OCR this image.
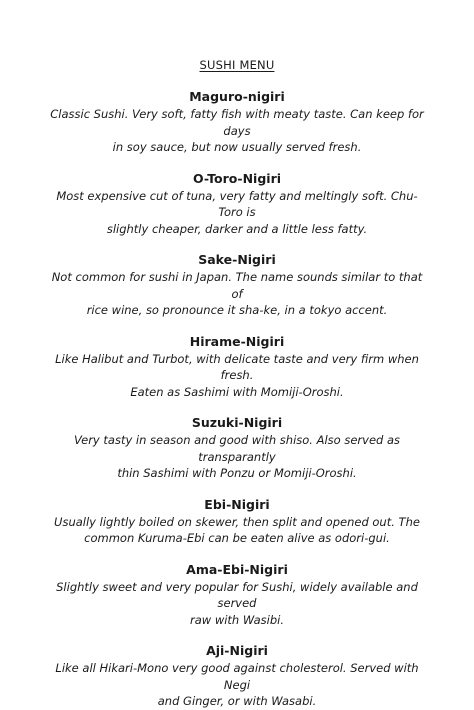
SUSHI MENU
Maguro-nigiri

Classic Sushi. Very soft, fatty fish with meaty taste. Can keep for days
in soy sauce, but now usually served fresh.

O-Toro-Nigiri

Most expensive cut of tuna, very fatty and meltingly soft. Chu-Toro is
slightly cheaper, darker and a little less fatty.

Sake-Nigiri

Not common for sushi in Japan. The name sounds similar to that of
rice wine, so pronounce it sha-ke, in a tokyo accent.

Hirame-Nigiri

Like Halibut and Turbot, with delicate taste and very firm when fresh.
Eaten as Sashimi with Momiji-Oroshi.

Suzuki-Nigiri

Very tasty in season and good with shiso. Also served as transparantly
thin Sashimi with Ponzu or Momiji-Oroshi.

Ebi-Nigiri

Usually lightly boiled on skewer, then split and opened out. The
common Kuruma-Ebi can be eaten alive as odori-gui.

Ama-Ebi-Nigiri

Slightly sweet and very popular for Sushi, widely available and served
raw with Wasibi.

Aji-Nigiri

Like all Hikari-Mono very good against cholesterol. Served with Negi
and Ginger, or with Wasabi.
